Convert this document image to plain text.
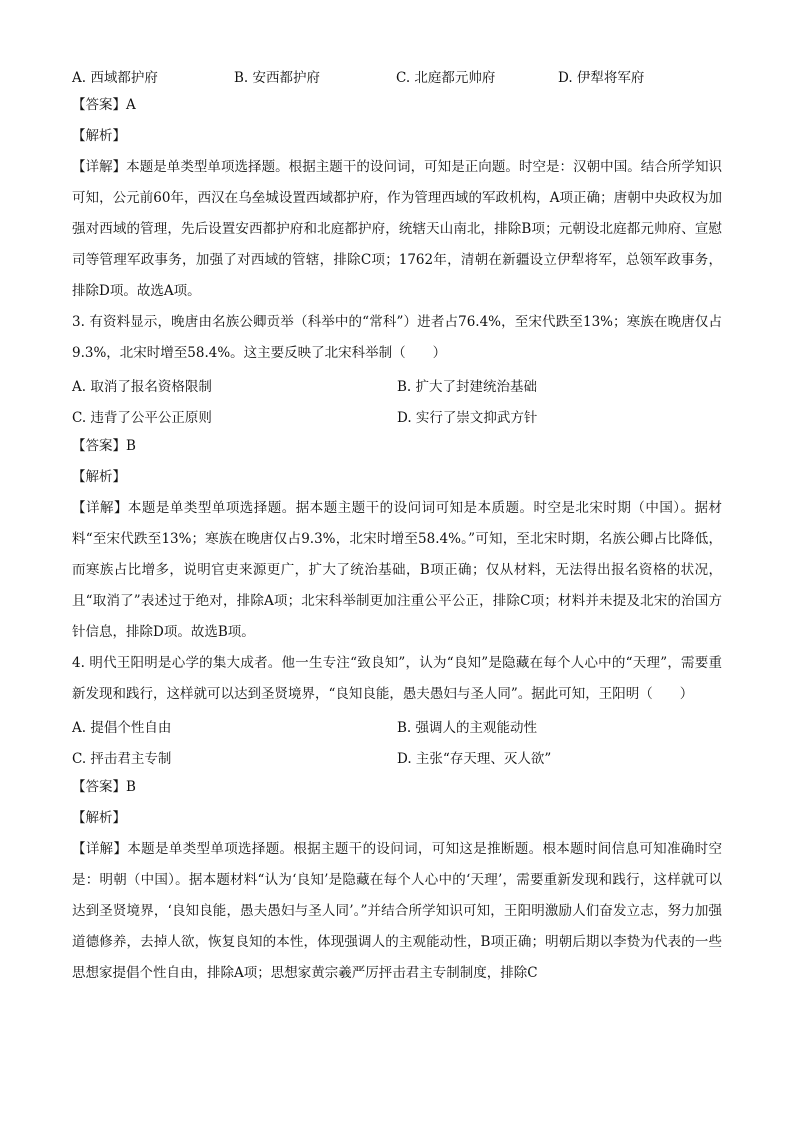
A. 西域都护府	B. 安西都护府	C. 北庭都元帅府	D. 伊犁将军府
【答案】A
【解析】
【详解】本题是单类型单项选择题。根据主题干的设问词，可知是正向题。时空是：汉朝中国。结合所学知识可知，公元前60年，西汉在乌垒城设置西域都护府，作为管理西域的军政机构，A项正确；唐朝中央政权为加强对西域的管理，先后设置安西都护府和北庭都护府，统辖天山南北，排除B项；元朝设北庭都元帅府、宣慰司等管理军政事务，加强了对西域的管辖，排除C项；1762年，清朝在新疆设立伊犁将军，总领军政事务，排除D项。故选A项。
3. 有资料显示，晚唐由名族公卿贡举（科举中的“常科”）进者占76.4%，至宋代跌至13%；寒族在晚唐仅占9.3%，北宋时增至58.4%。这主要反映了北宋科举制（　　）
A. 取消了报名资格限制	B. 扩大了封建统治基础
C. 违背了公平公正原则	D. 实行了崇文抑武方针
【答案】B
【解析】
【详解】本题是单类型单项选择题。据本题主题干的设问词可知是本质题。时空是北宋时期（中国）。据材料“至宋代跌至13%；寒族在晚唐仅占9.3%，北宋时增至58.4%。”可知，至北宋时期，名族公卿占比降低，而寒族占比增多，说明官吏来源更广，扩大了统治基础，B项正确；仅从材料，无法得出报名资格的状况，且“取消了”表述过于绝对，排除A项；北宋科举制更加注重公平公正，排除C项；材料并未提及北宋的治国方针信息，排除D项。故选B项。
4. 明代王阳明是心学的集大成者。他一生专注“致良知”，认为“良知”是隐藏在每个人心中的“天理”，需要重新发现和践行，这样就可以达到圣贤境界，“良知良能，愚夫愚妇与圣人同”。据此可知，王阳明（　　）
A. 提倡个性自由	B. 强调人的主观能动性
C. 抨击君主专制	D. 主张“存天理、灭人欲”
【答案】B
【解析】
【详解】本题是单类型单项选择题。根据主题干的设问词，可知这是推断题。根本题时间信息可知准确时空是：明朝（中国）。据本题材料“认为‘良知’是隐藏在每个人心中的‘天理’，需要重新发现和践行，这样就可以达到圣贤境界，‘良知良能，愚夫愚妇与圣人同’。”并结合所学知识可知，王阳明激励人们奋发立志，努力加强道德修养，去掉人欲，恢复良知的本性，体现强调人的主观能动性，B项正确；明朝后期以李贽为代表的一些思想家提倡个性自由，排除A项；思想家黄宗羲严厉抨击君主专制制度，排除C
